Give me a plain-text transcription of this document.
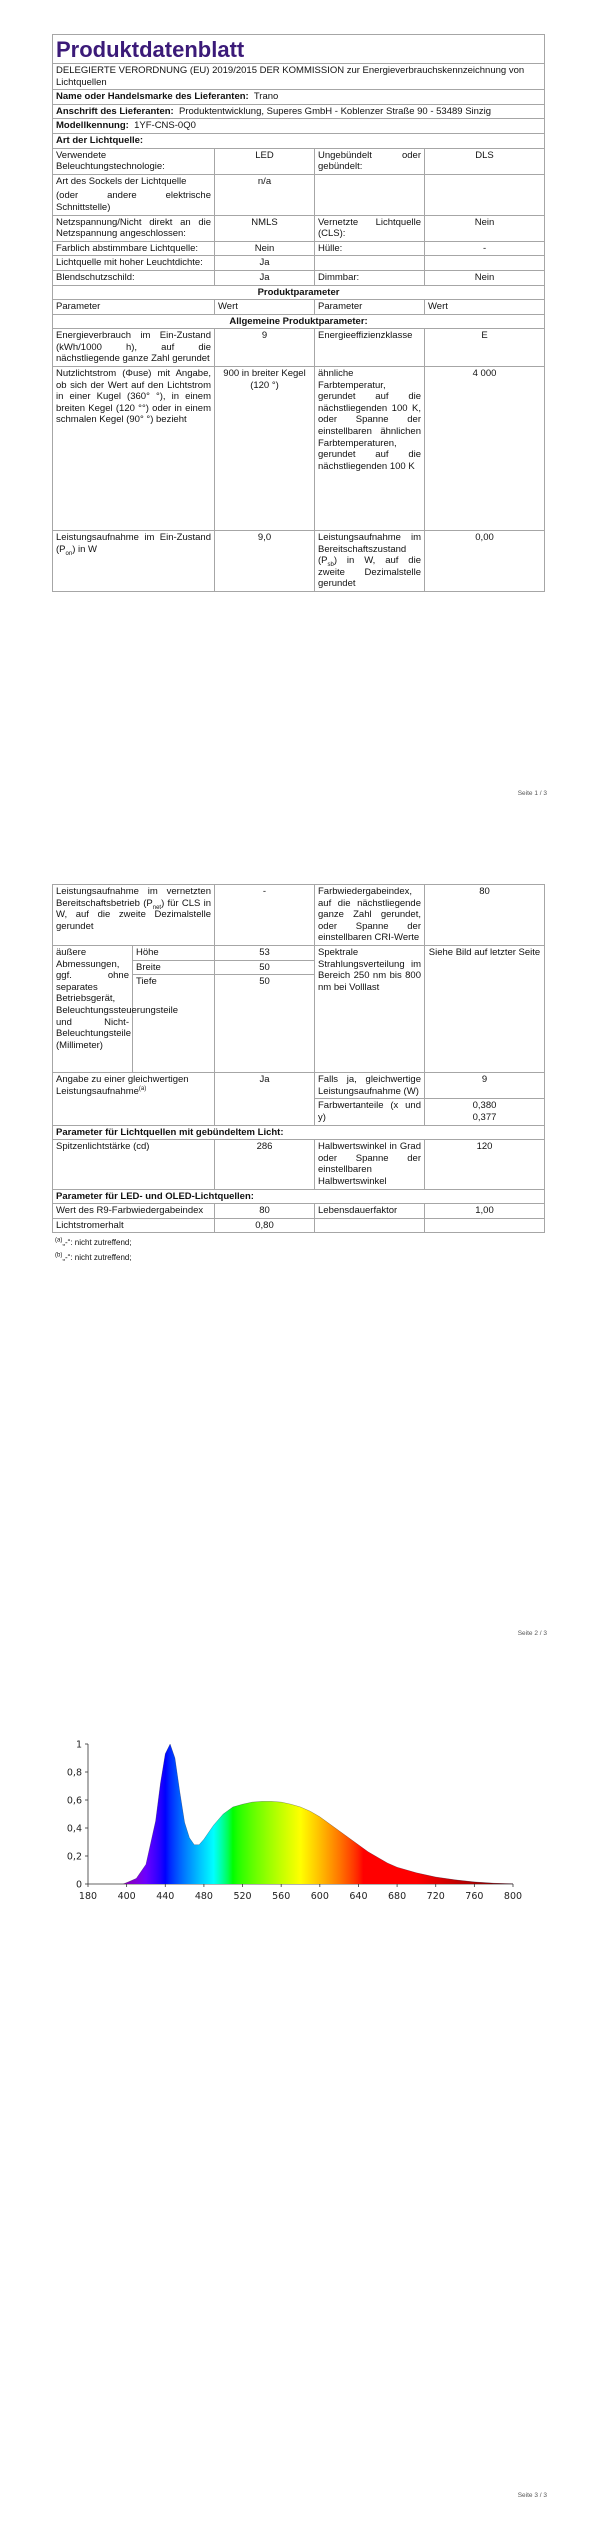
Produktdatenblatt			
DELEGIERTE VERORDNUNG (EU) 2019/2015 DER KOMMISSION zur Energieverbrauchskennzeichnung von Lichtquellen			
Name oder Handelsmarke des Lieferanten: Trano			
Anschrift des Lieferanten: Produktentwicklung, Superes GmbH - Koblenzer Straße 90 - 53489 Sinzig			
Modellkennung: 1YF-CNS-0Q0			
Art der Lichtquelle:			
Verwendete Beleuchtungstechnologie:	LED	Ungebündelt oder gebündelt:	DLS

Art des Sockels der Lichtquelle
(oder andere elektrische Schnittstelle)	n/a		
Netzspannung/Nicht direkt an die Netzspannung angeschlossen:	NMLS	Vernetzte Lichtquelle (CLS):	Nein
Farblich abstimmbare Lichtquelle:	Nein	Hülle:	-
Lichtquelle mit hoher Leuchtdichte:	Ja		
Blendschutzschild:	Ja	Dimmbar:	Nein
Produktparameter			
Parameter	Wert	Parameter	Wert
Allgemeine Produktparameter:			
Energieverbrauch im Ein-Zustand (kWh/1000 h), auf die nächstliegende ganze Zahl gerundet	9	Energieeffizienzklasse	E
Nutzlichtstrom (Φuse) mit Angabe, ob sich der Wert auf den Lichtstrom in einer Kugel (360° °), in einem breiten Kegel (120 °°) oder in einem schmalen Kegel (90° °) bezieht	900 in breiter Kegel (120 °)	ähnliche Farbtemperatur, gerundet auf die nächstliegenden 100 K, oder Spanne der einstellbaren ähnlichen Farbtemperaturen, gerundet auf die nächstliegenden 100 K	4 000
Leistungsaufnahme im Ein-Zustand $(P_{on})$ in W	9,0	Leistungsaufnahme im Bereitschaftszustand $(P_{sb})$ in W, auf die zweite Dezimalstelle gerundet	0,00
Seite 1 / 3
Leistungsaufnahme im vernetzten Bereitschaftsbetrieb $(P_{net})$ für CLS in W, auf die zweite Dezimalstelle gerundet		-	Farbwiedergabeindex, auf die nächstliegende ganze Zahl gerundet, oder Spanne der einstellbaren CRI-Werte	80
äußere Abmessungen, ggf. ohne separates Betriebsgerät, Beleuchtungssteuerungsteile und Nicht-Beleuchtungsteile (Millimeter)	Höhe	53	Spektrale Strahlungsverteilung im Bereich 250 nm bis 800 nm bei Volllast	Siehe Bild auf letzter Seite
	Breite	50		
	Tiefe	50		
Angabe zu einer gleichwertigen Leistungsaufnahme$^{(a)}$		Ja	Falls ja, gleichwertige Leistungsaufnahme (W)	9
			Farbwertanteile (x und y)	0,380
0,377

Parameter für Lichtquellen mit gebündeltem Licht:				
Spitzenlichtstärke (cd)		286	Halbwertswinkel in Grad oder Spanne der einstellbaren Halbwertswinkel	120
Parameter für LED- und OLED-Lichtquellen:				
Wert des R9-Farbwiedergabeindex		80	Lebensdauerfaktor	1,00
Lichtstromerhalt		0,80		
$^{(a)}$„-“: nicht zutreffend;
$^{(b)}$„-“: nicht zutreffend;
Seite 2 / 3
0
0,2
0,4
0,6
0,8
1
180 400 440 480 520 560 600 640 680 720 760 800
Seite 3 / 3
